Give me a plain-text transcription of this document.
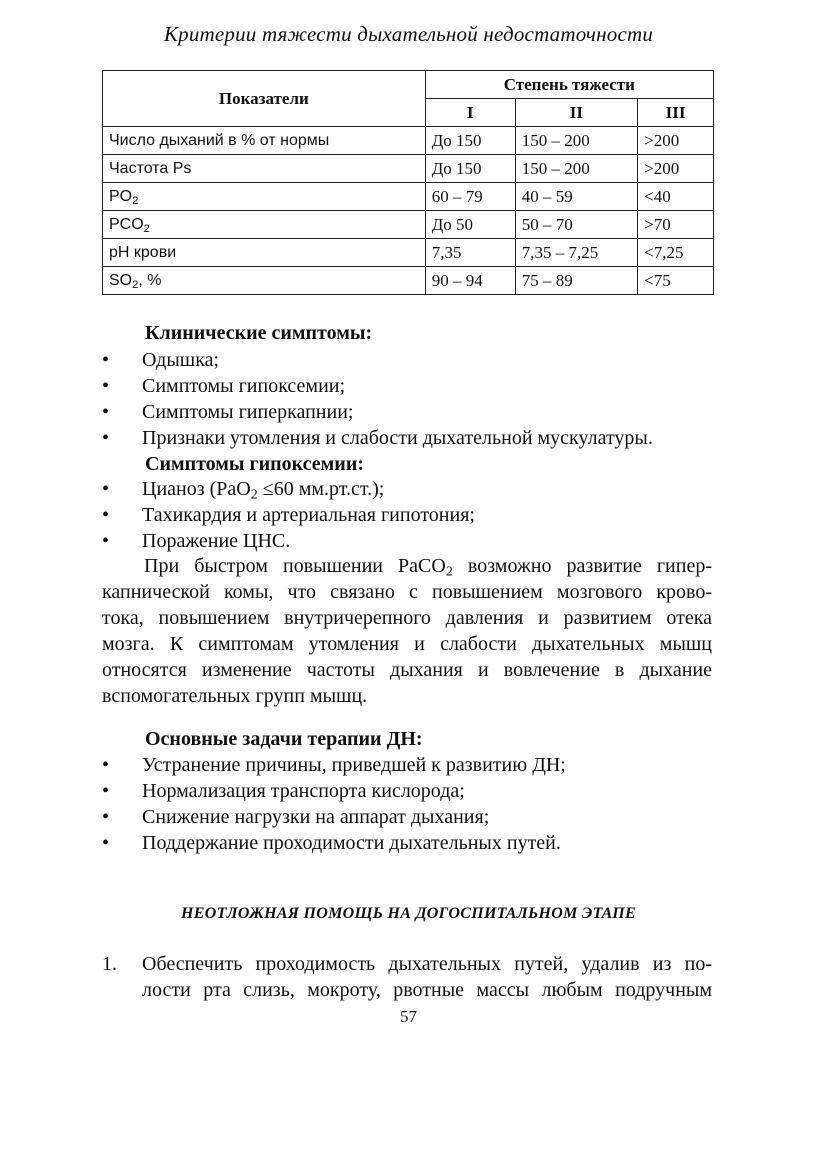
Критерии тяжести дыхательной недостаточности
Показатели	Степень тяжести		
	I	II	III
Число дыханий в % от нормы	До 150	150 – 200	>200
Частота Ps	До 150	150 – 200	>200
$PO_2$	60 – 79	40 – 59	<40
$PCO_2$	До 50	50 – 70	>70
pH крови	7,35	7,35 – 7,25	<7,25
$SO_2$, %	90 – 94	75 – 89	<75
Клинические симптомы:
• Одышка;
• Симптомы гипоксемии;
• Симптомы гиперкапнии;
• Признаки утомления и слабости дыхательной мускулатуры.
Симптомы гипоксемии:
• Цианоз (РаО$_2$ ≤60 мм.рт.ст.);
• Тахикардия и артериальная гипотония;
• Поражение ЦНС.
При быстром повышении РаСО$_2$ возможно развитие гипер-
капнической комы, что связано с повышением мозгового крово-
тока, повышением внутричерепного давления и развитием отека
мозга. К симптомам утомления и слабости дыхательных мышц
относятся изменение частоты дыхания и вовлечение в дыхание
вспомогательных групп мышц.
Основные задачи терапии ДН:
• Устранение причины, приведшей к развитию ДН;
• Нормализация транспорта кислорода;
• Снижение нагрузки на аппарат дыхания;
• Поддержание проходимости дыхательных путей.
НЕОТЛОЖНАЯ ПОМОЩЬ НА ДОГОСПИТАЛЬНОМ ЭТАПЕ
1. Обеспечить проходимость дыхательных путей, удалив из по-
лости рта слизь, мокроту, рвотные массы любым подручным
57
